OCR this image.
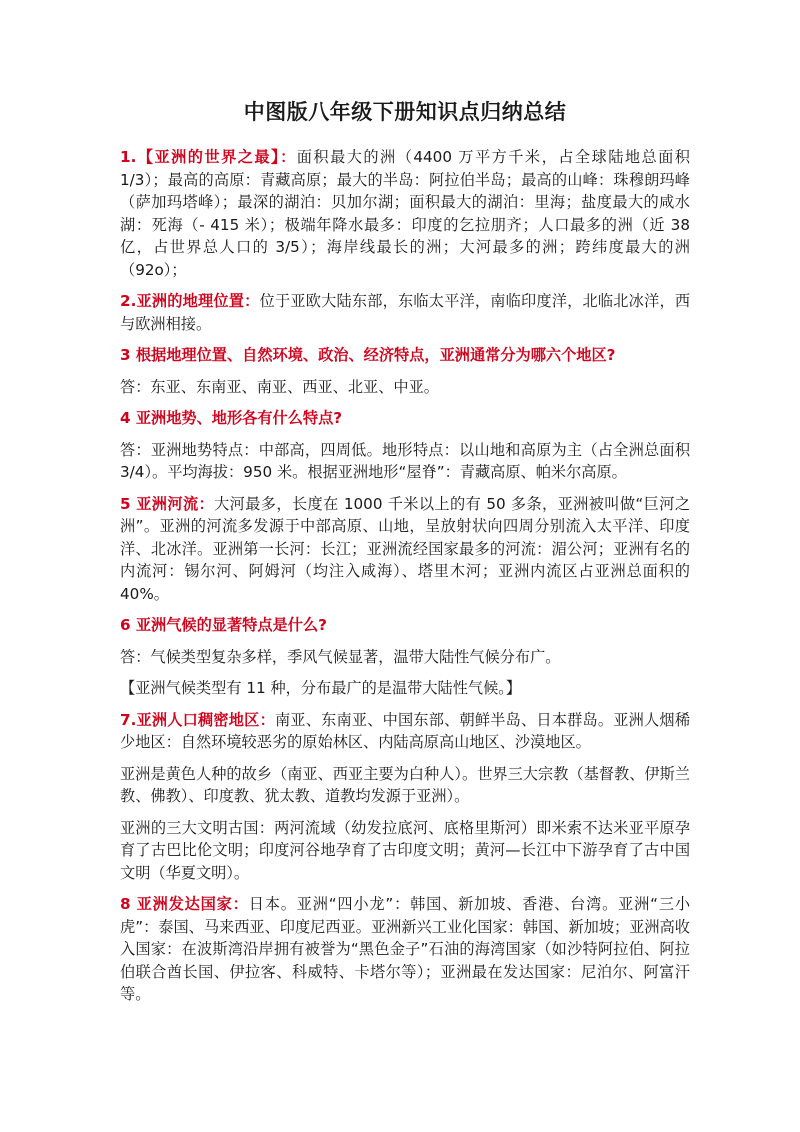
中图版八年级下册知识点归纳总结

1.【亚洲的世界之最】：面积最大的洲（4400 万平方千米，占全球陆地总面积 1/3）；最高的高原：青藏高原；最大的半岛：阿拉伯半岛；最高的山峰：珠穆朗玛峰（萨加玛塔峰）；最深的湖泊：贝加尔湖；面积最大的湖泊：里海；盐度最大的咸水湖：死海（- 415 米）；极端年降水最多：印度的乞拉朋齐；人口最多的洲（近 38 亿，占世界总人口的 3/5）；海岸线最长的洲；大河最多的洲；跨纬度最大的洲（92o）；

2.亚洲的地理位置：位于亚欧大陆东部，东临太平洋，南临印度洋，北临北冰洋，西与欧洲相接。

3 根据地理位置、自然环境、政治、经济特点，亚洲通常分为哪六个地区?

答：东亚、东南亚、南亚、西亚、北亚、中亚。

4 亚洲地势、地形各有什么特点?

答：亚洲地势特点：中部高，四周低。地形特点：以山地和高原为主（占全洲总面积 3/4）。平均海拔：950 米。根据亚洲地形“屋脊”：青藏高原、帕米尔高原。

5 亚洲河流：大河最多，长度在 1000 千米以上的有 50 多条，亚洲被叫做“巨河之洲”。亚洲的河流多发源于中部高原、山地，呈放射状向四周分别流入太平洋、印度洋、北冰洋。亚洲第一长河：长江；亚洲流经国家最多的河流：湄公河；亚洲有名的内流河：锡尔河、阿姆河（均注入咸海）、塔里木河；亚洲内流区占亚洲总面积的 40%。

6 亚洲气候的显著特点是什么?

答：气候类型复杂多样，季风气候显著，温带大陆性气候分布广。

【亚洲气候类型有 11 种，分布最广的是温带大陆性气候。】

7.亚洲人口稠密地区：南亚、东南亚、中国东部、朝鲜半岛、日本群岛。亚洲人烟稀少地区：自然环境较恶劣的原始林区、内陆高原高山地区、沙漠地区。

亚洲是黄色人种的故乡（南亚、西亚主要为白种人）。世界三大宗教（基督教、伊斯兰教、佛教）、印度教、犹太教、道教均发源于亚洲）。

亚洲的三大文明古国：两河流域（幼发拉底河、底格里斯河）即米索不达米亚平原孕育了古巴比伦文明；印度河谷地孕育了古印度文明；黄河—长江中下游孕育了古中国文明（华夏文明）。

8 亚洲发达国家：日本。亚洲“四小龙”：韩国、新加坡、香港、台湾。亚洲“三小虎”：泰国、马来西亚、印度尼西亚。亚洲新兴工业化国家：韩国、新加坡；亚洲高收入国家：在波斯湾沿岸拥有被誉为“黑色金子”石油的海湾国家（如沙特阿拉伯、阿拉伯联合酋长国、伊拉客、科威特、卡塔尔等）；亚洲最在发达国家：尼泊尔、阿富汗等。
